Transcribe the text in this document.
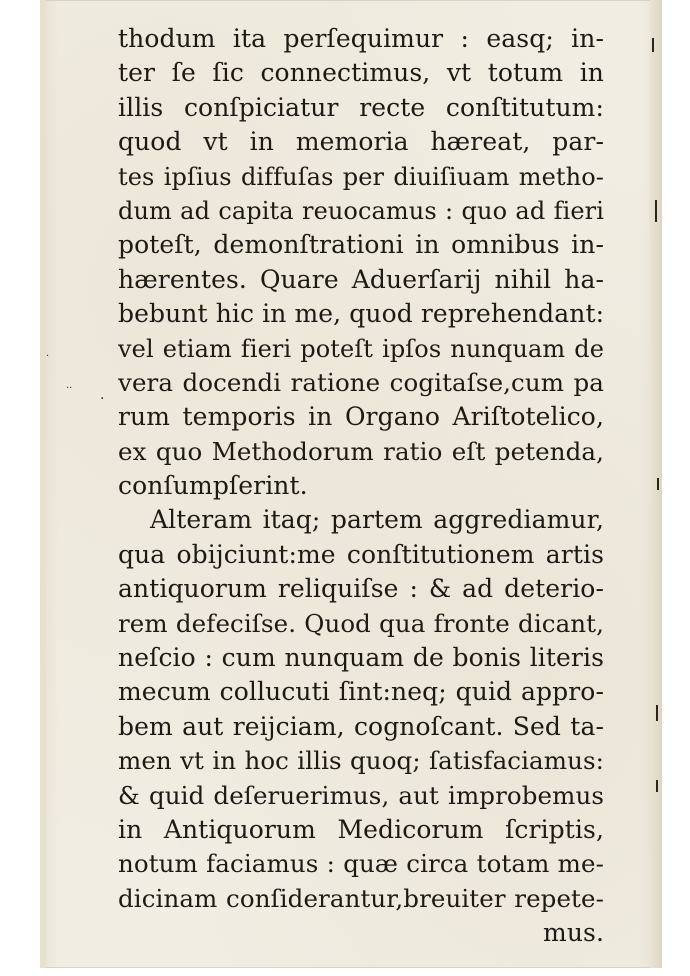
·
··
·
thodum ita perſequimur : easq; in-
ter ſe ſic connectimus, vt totum in
illis conſpiciatur recte conſtitutum:
quod vt in memoria hæreat, par-
tes ipſius diffuſas per diuiſiuam metho-
dum ad capita reuocamus : quo ad fieri
poteſt, demonſtrationi in omnibus in-
hærentes. Quare Aduerſarij nihil ha-
bebunt hic in me, quod reprehendant:
vel etiam fieri poteſt ipſos nunquam de
vera docendi ratione cogitaſse,cum pa
rum temporis in Organo Ariſtotelico,
ex quo Methodorum ratio eſt petenda,
conſumpſerint.
Alteram itaq; partem aggrediamur,
qua obijciunt:me conſtitutionem artis
antiquorum reliquiſse : & ad deterio-
rem defeciſse. Quod qua fronte dicant,
neſcio : cum nunquam de bonis literis
mecum collucuti ſint:neq; quid appro-
bem aut reijciam, cognoſcant. Sed ta-
men vt in hoc illis quoq; ſatisfaciamus:
& quid deſeruerimus, aut improbemus
in Antiquorum Medicorum ſcriptis,
notum faciamus : quæ circa totam me-
dicinam conſiderantur,breuiter repete-
mus.
